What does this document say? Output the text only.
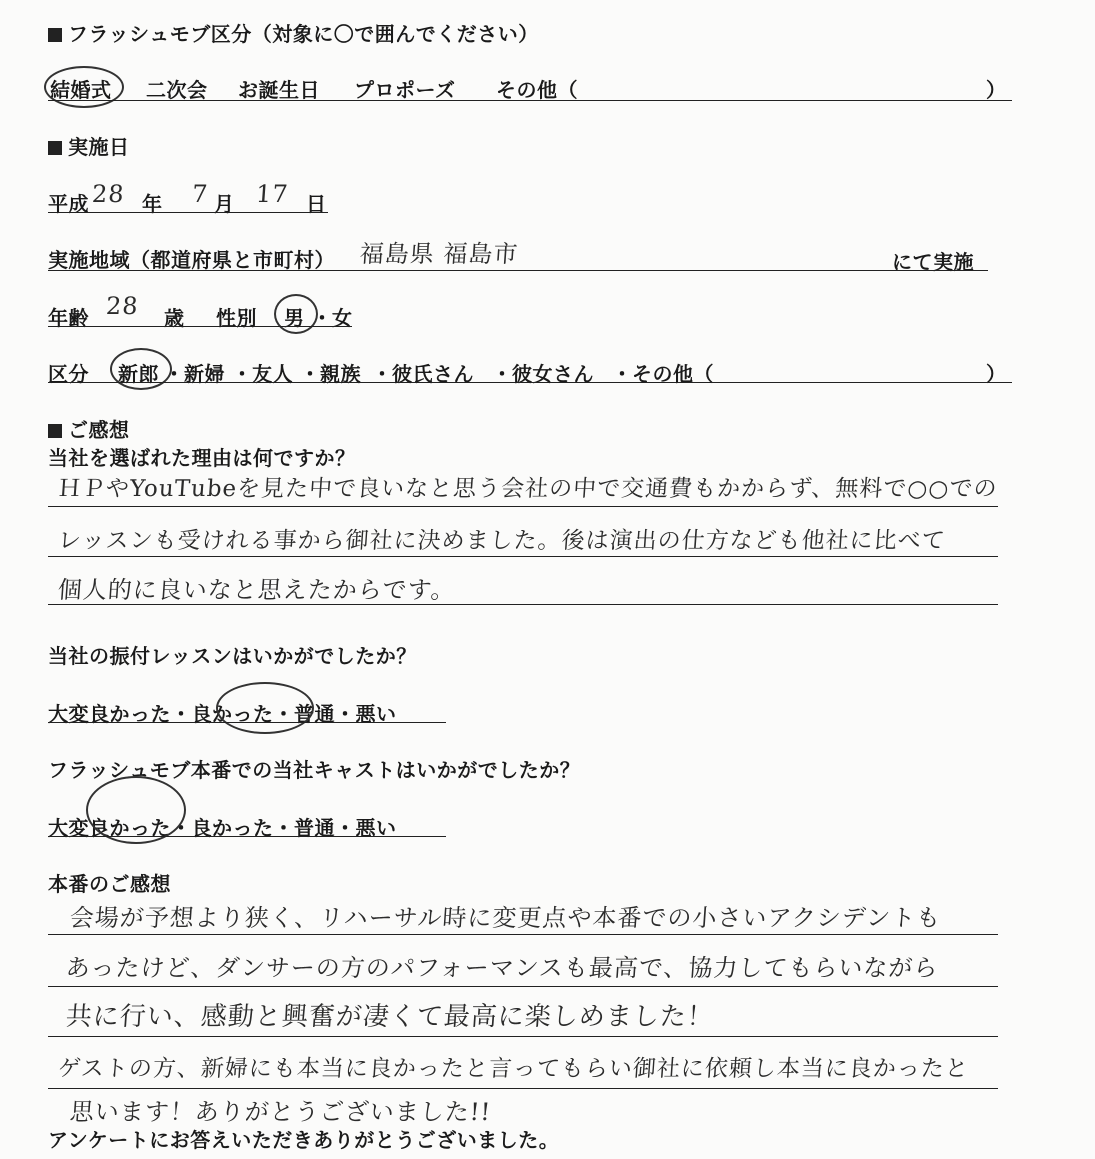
フラッシュモブ区分（対象に〇で囲んでください）
結婚式 二次会 お誕生日 プロポーズ その他（	）
実施日
平成 28 年 7 月 17 日
実施地域（都道府県と市町村） 福島県 福島市	にて実施
年齢 28 歳 性別 男 ・ 女
区分 新郎 ・ 新婦 ・ 友人 ・ 親族 ・ 彼氏さん ・ 彼女さん ・ その他（	）
ご感想
当社を選ばれた理由は何ですか？
ＨＰやYouTubeを見た中で良いなと思う会社の中で交通費もかからず、無料で○○での
レッスンも受けれる事から御社に決めました。後は演出の仕方なども他社に比べて
個人的に良いなと思えたからです。
当社の振付レッスンはいかがでしたか？
大変良かった・良かった・普通・悪い
フラッシュモブ本番での当社キャストはいかがでしたか？
大変良かった・良かった・普通・悪い
本番のご感想
会場が予想より狭く、リハーサル時に変更点や本番での小さいアクシデントも
あったけど、ダンサーの方のパフォーマンスも最高で、協力してもらいながら
共に行い、感動と興奮が凄くて最高に楽しめました！
ゲストの方、新婦にも本当に良かったと言ってもらい御社に依頼し本当に良かったと
思います！ありがとうございました!!
アンケートにお答えいただきありがとうございました。
